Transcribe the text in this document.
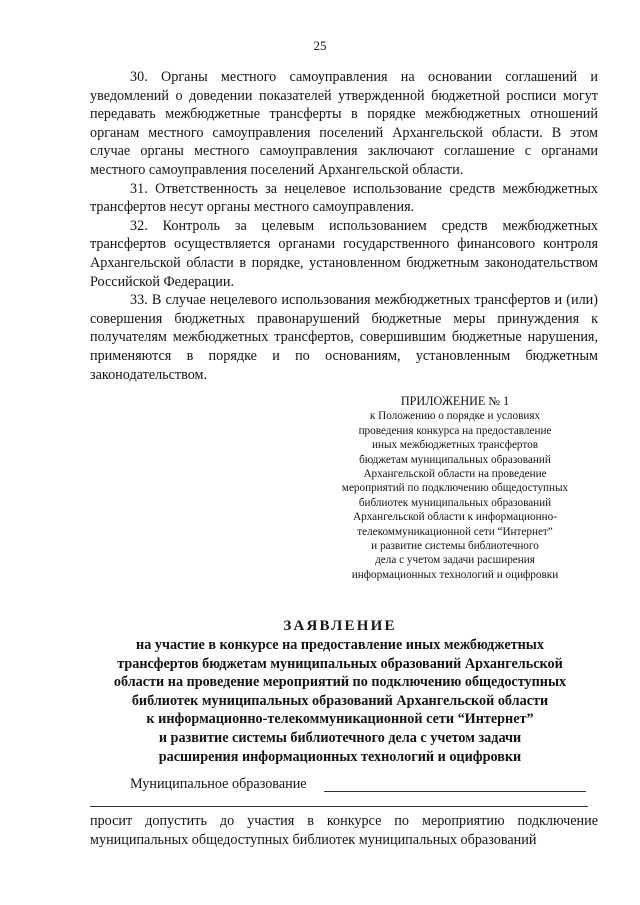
25

30. Органы местного самоуправления на основании соглашений и уведомлений о доведении показателей утвержденной бюджетной росписи могут передавать межбюджетные трансферты в порядке межбюджетных отношений органам местного самоуправления поселений Архангельской области. В этом случае органы местного самоуправления заключают соглашение с органами местного самоуправления поселений Архангельской области.

31. Ответственность за нецелевое использование средств межбюджетных трансфертов несут органы местного самоуправления.

32. Контроль за целевым использованием средств межбюджетных трансфертов осуществляется органами государственного финансового контроля Архангельской области в порядке, установленном бюджетным законодательством Российской Федерации.

33. В случае нецелевого использования межбюджетных трансфертов и (или) совершения бюджетных правонарушений бюджетные меры принуждения к получателям межбюджетных трансфертов, совершившим бюджетные нарушения, применяются в порядке и по основаниям, установленным бюджетным законодательством.

ПРИЛОЖЕНИЕ № 1
к Положению о порядке и условиях
проведения конкурса на предоставление
иных межбюджетных трансфертов
бюджетам муниципальных образований
Архангельской области на проведение
мероприятий по подключению общедоступных
библиотек муниципальных образований
Архангельской области к информационно-
телекоммуникационной сети “Интернет”
и развитие системы библиотечного
дела с учетом задачи расширения
информационных технологий и оцифровки
ЗАЯВЛЕНИЕ
на участие в конкурсе на предоставление иных межбюджетных
трансфертов бюджетам муниципальных образований Архангельской
области на проведение мероприятий по подключению общедоступных
библиотек муниципальных образований Архангельской области
к информационно-телекоммуникационной сети “Интернет”
и развитие системы библиотечного дела с учетом задачи
расширения информационных технологий и оцифровки
Муниципальное образование
просит допустить до участия в конкурсе по мероприятию подключение муниципальных общедоступных библиотек муниципальных образований
